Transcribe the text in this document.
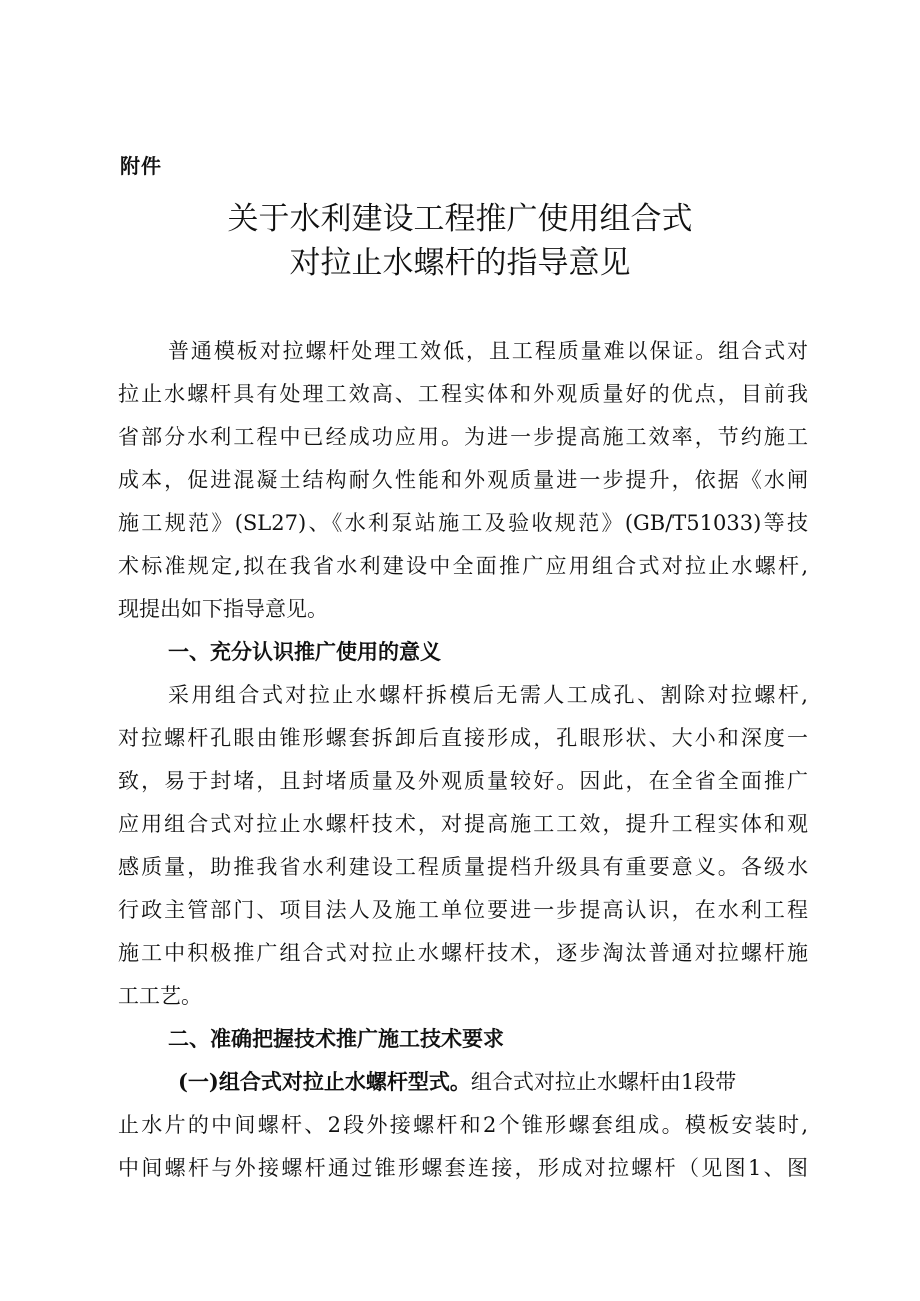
附件
关于水利建设工程推广使用组合式
对拉止水螺杆的指导意见
普通模板对拉螺杆处理工效低，且工程质量难以保证。组合式对
拉止水螺杆具有处理工效高、工程实体和外观质量好的优点，目前我
省部分水利工程中已经成功应用。为进一步提高施工效率，节约施工
成本，促进混凝土结构耐久性能和外观质量进一步提升，依据《水闸
施工规范》(SL27)、《水利泵站施工及验收规范》(GB/T51033)等技
术标准规定,拟在我省水利建设中全面推广应用组合式对拉止水螺杆,
现提出如下指导意见。
一、充分认识推广使用的意义
采用组合式对拉止水螺杆拆模后无需人工成孔、割除对拉螺杆,
对拉螺杆孔眼由锥形螺套拆卸后直接形成，孔眼形状、大小和深度一
致，易于封堵，且封堵质量及外观质量较好。因此，在全省全面推广
应用组合式对拉止水螺杆技术，对提高施工工效，提升工程实体和观
感质量，助推我省水利建设工程质量提档升级具有重要意义。各级水
行政主管部门、项目法人及施工单位要进一步提高认识，在水利工程
施工中积极推广组合式对拉止水螺杆技术，逐步淘汰普通对拉螺杆施
工工艺。
二、准确把握技术推广施工技术要求
(一)组合式对拉止水螺杆型式。组合式对拉止水螺杆由1段带
止水片的中间螺杆、2段外接螺杆和2个锥形螺套组成。模板安装时,
中间螺杆与外接螺杆通过锥形螺套连接，形成对拉螺杆（见图1、图
